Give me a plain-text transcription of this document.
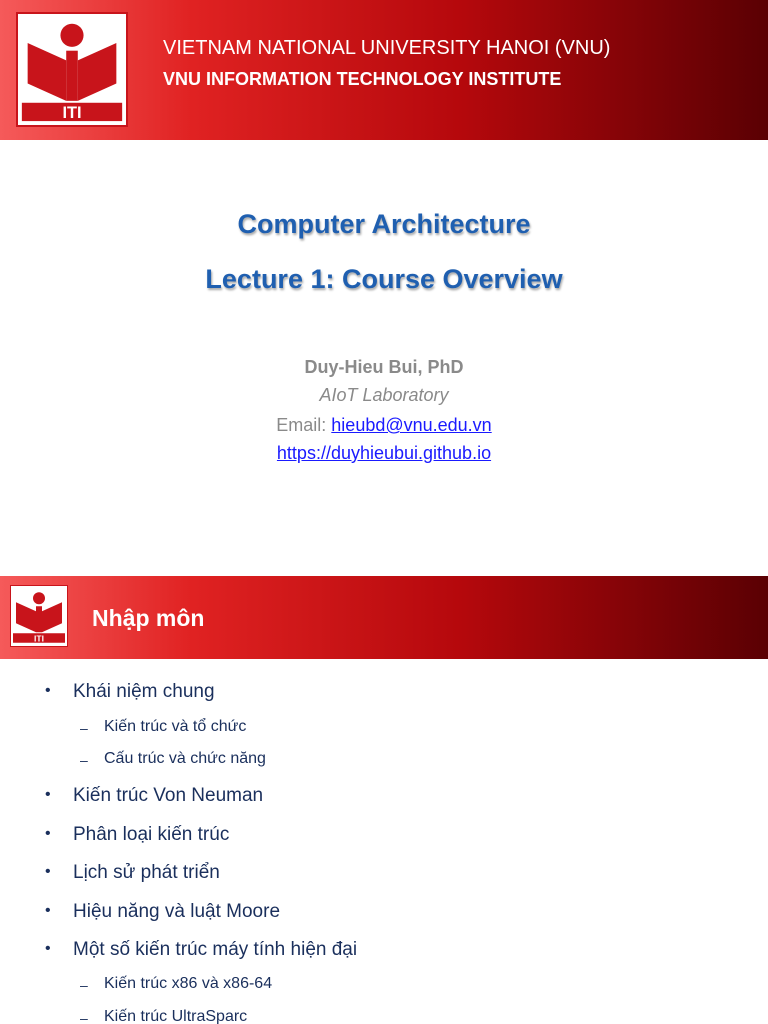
ITI
VIETNAM NATIONAL UNIVERSITY HANOI (VNU)
VNU INFORMATION TECHNOLOGY INSTITUTE
Computer Architecture
Lecture 1: Course Overview
Duy-Hieu Bui, PhD
AIoT Laboratory
Email: hieubd@vnu.edu.vn
https://duyhieubui.github.io
ITI
Nhập môn
• Khái niệm chung
– Kiến trúc và tổ chức
– Cấu trúc và chức năng
• Kiến trúc Von Neuman
• Phân loại kiến trúc
• Lịch sử phát triển
• Hiệu năng và luật Moore
• Một số kiến trúc máy tính hiện đại
– Kiến trúc x86 và x86-64
– Kiến trúc UltraSparc
